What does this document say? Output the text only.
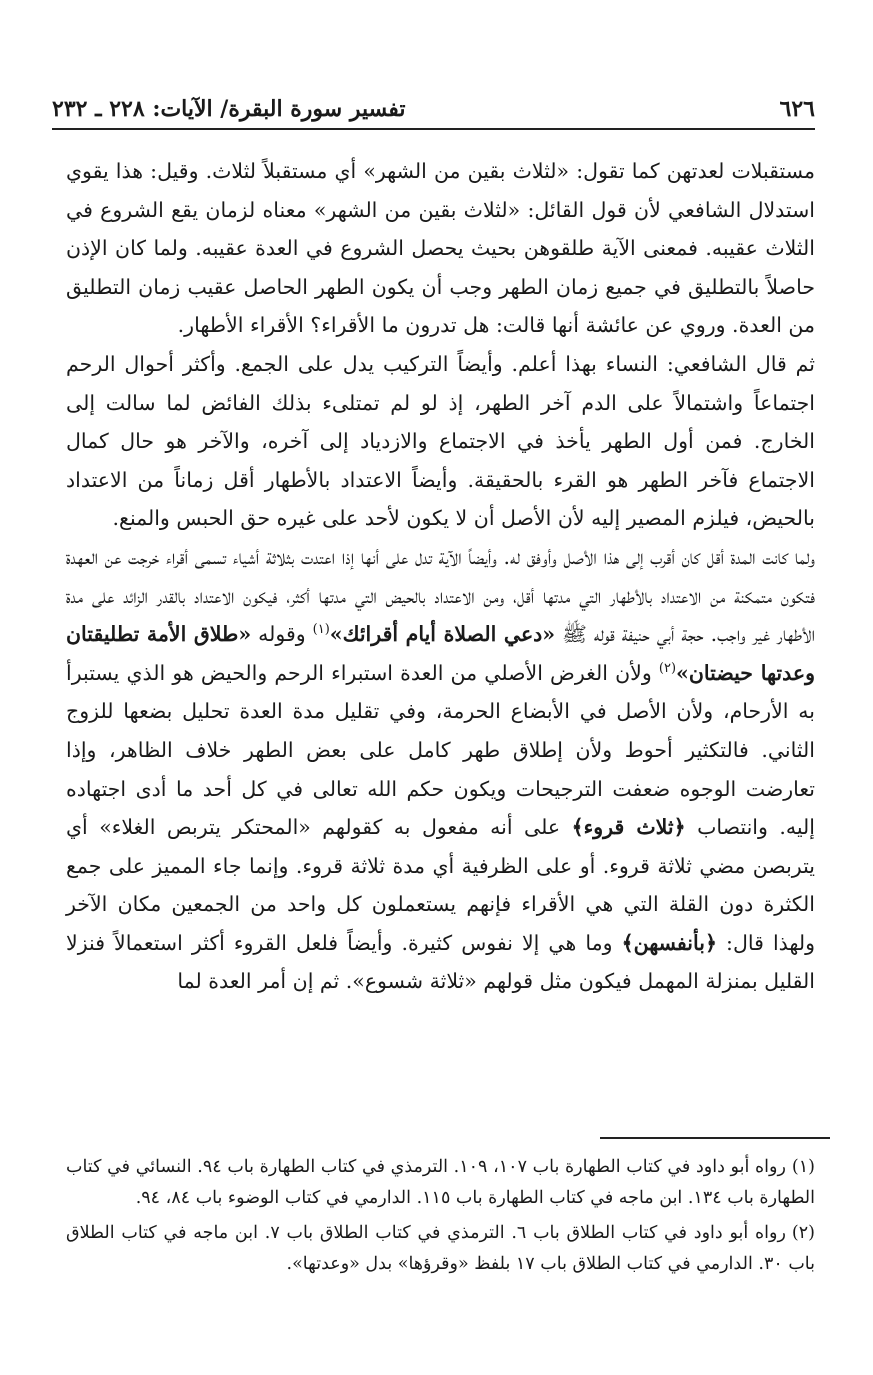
٦٢٦
تفسير سورة البقرة/ الآيات: ٢٢٨ ـ ٢٣٢

مستقبلات لعدتهن كما تقول: «لثلاث بقين من الشهر» أي مستقبلاً لثلاث. وقيل: هذا يقوي استدلال الشافعي لأن قول القائل: «لثلاث بقين من الشهر» معناه لزمان يقع الشروع في الثلاث عقيبه. فمعنى الآية طلقوهن بحيث يحصل الشروع في العدة عقيبه. ولما كان الإذن حاصلاً بالتطليق في جميع زمان الطهر وجب أن يكون الطهر الحاصل عقيب زمان التطليق من العدة. وروي عن عائشة أنها قالت: هل تدرون ما الأقراء؟ الأقراء الأطهار.

ثم قال الشافعي: النساء بهذا أعلم. وأيضاً التركيب يدل على الجمع. وأكثر أحوال الرحم اجتماعاً واشتمالاً على الدم آخر الطهر، إذ لو لم تمتلىء بذلك الفائض لما سالت إلى الخارج. فمن أول الطهر يأخذ في الاجتماع والازدياد إلى آخره، والآخر هو حال كمال الاجتماع فآخر الطهر هو القرء بالحقيقة. وأيضاً الاعتداد بالأطهار أقل زماناً من الاعتداد بالحيض، فيلزم المصير إليه لأن الأصل أن لا يكون لأحد على غيره حق الحبس والمنع.

ولما كانت المدة أقل كان أقرب إلى هذا الأصل وأوفق له. وأيضاً الآية تدل على أنها إذا اعتدت بثلاثة أشياء تسمى أقراء خرجت عن العهدة فتكون متمكنة من الاعتداد بالأطهار التي مدتها أقل، ومن الاعتداد بالحيض التي مدتها أكثر، فيكون الاعتداد بالقدر الزائد على مدة الأطهار غير واجب. حجة أبي حنيفة قوله ﷺ «دعي الصلاة أيام أقرائك»$^{(١)}$ وقوله «طلاق الأمة تطليقتان وعدتها حيضتان»$^{(٢)}$ ولأن الغرض الأصلي من العدة استبراء الرحم والحيض هو الذي يستبرأ به الأرحام، ولأن الأصل في الأبضاع الحرمة، وفي تقليل مدة العدة تحليل بضعها للزوج الثاني. فالتكثير أحوط ولأن إطلاق طهر كامل على بعض الطهر خلاف الظاهر، وإذا تعارضت الوجوه ضعفت الترجيحات ويكون حكم الله تعالى في كل أحد ما أدى اجتهاده إليه. وانتصاب ﴿ثلاث قروء﴾ على أنه مفعول به كقولهم «المحتكر يتربص الغلاء» أي يتربصن مضي ثلاثة قروء. أو على الظرفية أي مدة ثلاثة قروء. وإنما جاء المميز على جمع الكثرة دون القلة التي هي الأقراء فإنهم يستعملون كل واحد من الجمعين مكان الآخر ولهذا قال: ﴿بأنفسهن﴾ وما هي إلا نفوس كثيرة. وأيضاً فلعل القروء أكثر استعمالاً فنزلا القليل بمنزلة المهمل فيكون مثل قولهم «ثلاثة شسوع». ثم إن أمر العدة لما

(١)رواه أبو داود في كتاب الطهارة باب ١٠٧، ١٠٩. الترمذي في كتاب الطهارة باب ٩٤. النسائي في كتاب الطهارة باب ١٣٤. ابن ماجه في كتاب الطهارة باب ١١٥. الدارمي في كتاب الوضوء باب ٨٤، ٩٤.

(٢)رواه أبو داود في كتاب الطلاق باب ٦. الترمذي في كتاب الطلاق باب ٧. ابن ماجه في كتاب الطلاق باب ٣٠. الدارمي في كتاب الطلاق باب ١٧ بلفظ «وقرؤها» بدل «وعدتها».
